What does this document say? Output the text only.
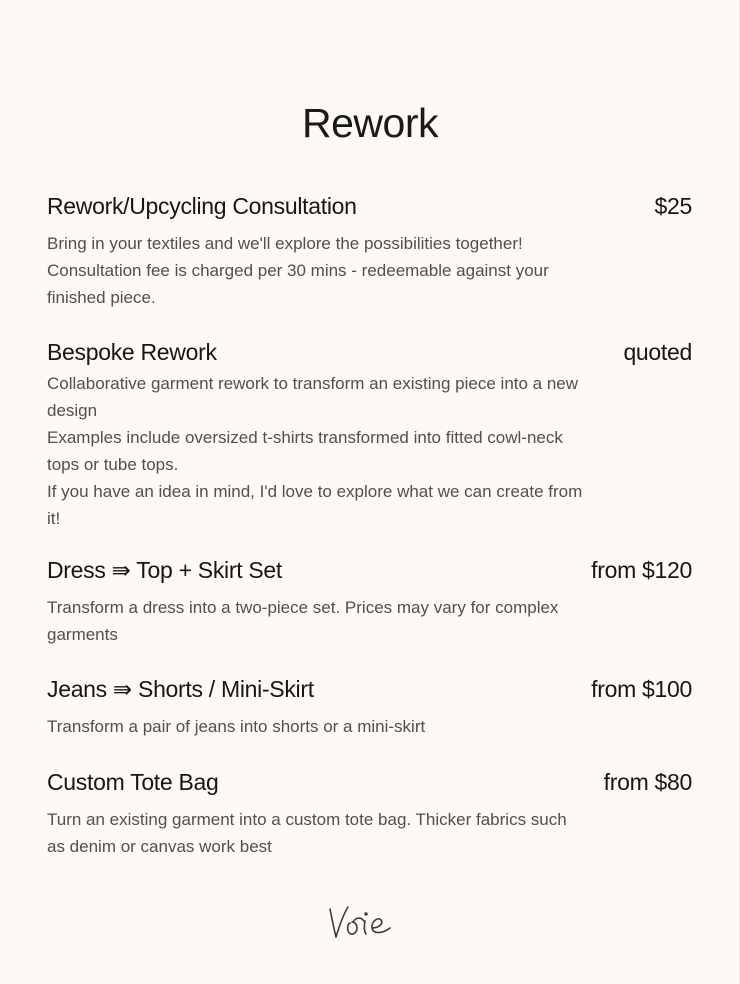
Rework
Rework/Upcycling Consultation	$25
Bring in your textiles and we'll explore the possibilities together!
Consultation fee is charged per 30 mins - redeemable against your finished piece.
Bespoke Rework	quoted
Collaborative garment rework to transform an existing piece into a new design
Examples include oversized t-shirts transformed into fitted cowl-neck tops or tube tops.
If you have an idea in mind, I'd love to explore what we can create from it!
Dress ⇛ Top + Skirt Set	from $120
Transform a dress into a two-piece set. Prices may vary for complex garments
Jeans ⇛ Shorts / Mini-Skirt	from $100
Transform a pair of jeans into shorts or a mini-skirt
Custom Tote Bag	from $80
Turn an existing garment into a custom tote bag. Thicker fabrics such as denim or canvas work best
